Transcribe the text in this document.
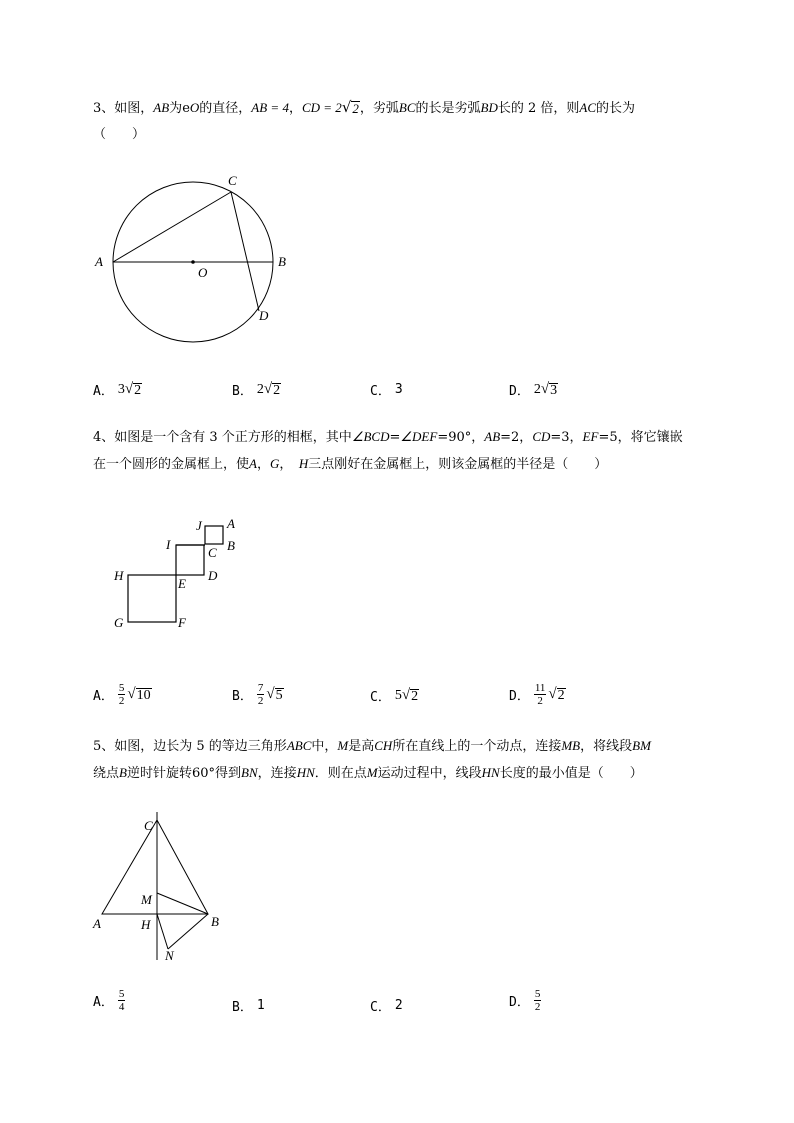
3、如图，AB为eO的直径，AB = 4，CD = 2 √ 2 ，劣弧BC的长是劣弧BD长的 2 倍，则AC的长为

（　　）

A	B
C
D
O
A． 3 √ 2	B． 2 √ 2	C． 3	D． 2 √ 3

4、如图是一个含有 3 个正方形的相框，其中∠BCD=∠DEF=90°，AB=2，CD=3，EF=5，将它镶嵌

在一个圆形的金属框上，使A，G，　H三点刚好在金属框上，则该金属框的半径是（　　）

J A
B
C
I
D
H
E
G	F
A． $\frac{5}{2}$ √ 10	B． $\frac{7}{2}$ √ 5	C． 5 √ 2	D． $\frac{11}{2}$ √ 2

5、如图，边长为 5 的等边三角形ABC中，M是高CH所在直线上的一个动点，连接MB，将线段BM

绕点B逆时针旋转60°得到BN，连接HN．则在点M运动过程中，线段HN长度的最小值是（　　）

C
M
A	H	B
N
A． $\frac{5}{4}$	B． 1	C． 2	D． $\frac{5}{2}$
